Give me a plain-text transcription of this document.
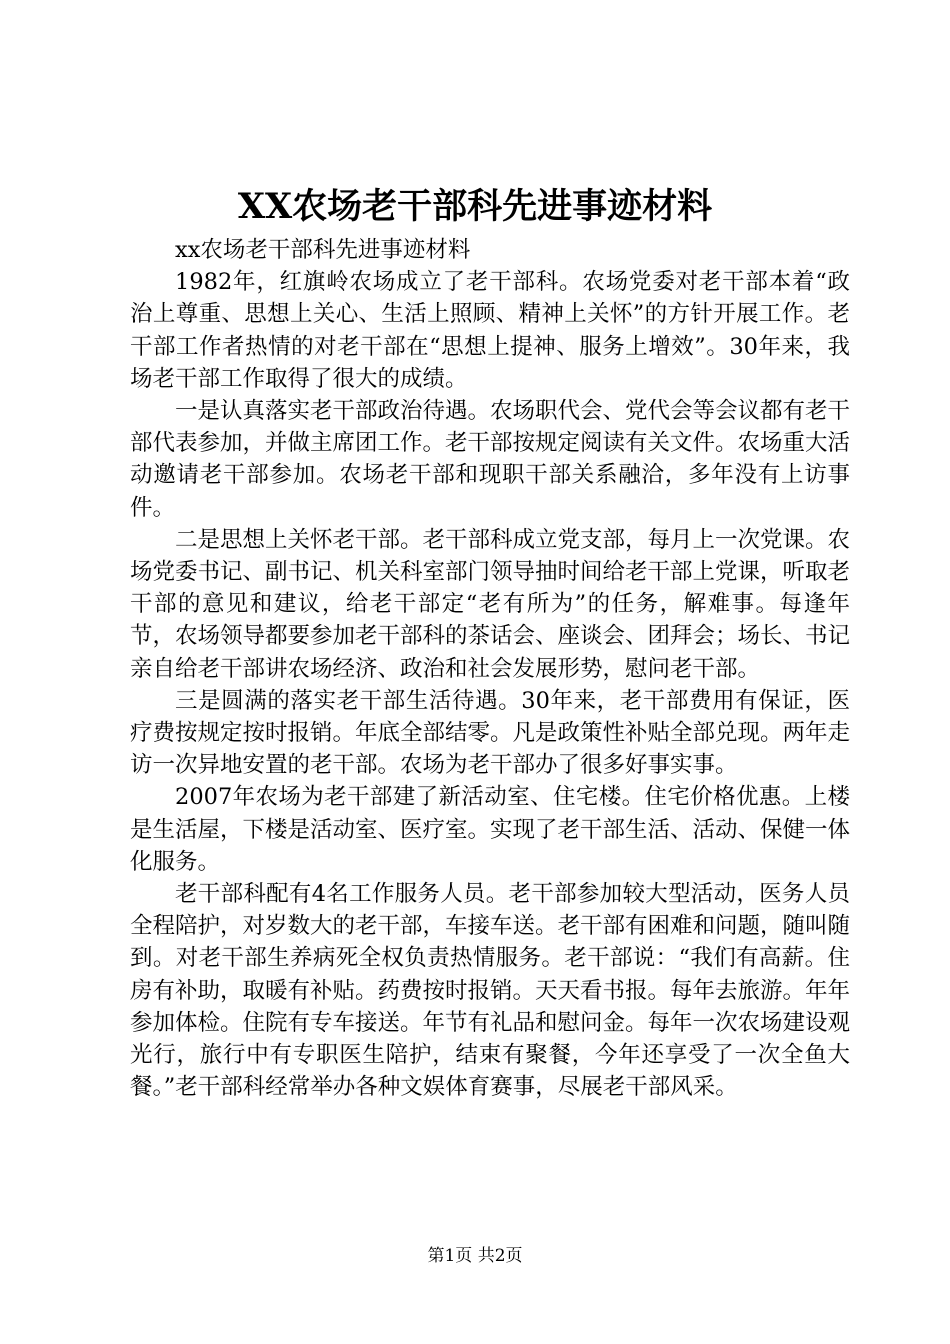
XX农场老干部科先进事迹材料

xx农场老干部科先进事迹材料

1982年，红旗岭农场成立了老干部科。农场党委对老干部本着“政治上尊重、思想上关心、生活上照顾、精神上关怀”的方针开展工作。老干部工作者热情的对老干部在“思想上提神、服务上增效”。30年来，我场老干部工作取得了很大的成绩。

一是认真落实老干部政治待遇。农场职代会、党代会等会议都有老干部代表参加，并做主席团工作。老干部按规定阅读有关文件。农场重大活动邀请老干部参加。农场老干部和现职干部关系融洽，多年没有上访事件。

二是思想上关怀老干部。老干部科成立党支部，每月上一次党课。农场党委书记、副书记、机关科室部门领导抽时间给老干部上党课，听取老干部的意见和建议，给老干部定“老有所为”的任务，解难事。每逢年节，农场领导都要参加老干部科的茶话会、座谈会、团拜会；场长、书记亲自给老干部讲农场经济、政治和社会发展形势，慰问老干部。

三是圆满的落实老干部生活待遇。30年来，老干部费用有保证，医疗费按规定按时报销。年底全部结零。凡是政策性补贴全部兑现。两年走访一次异地安置的老干部。农场为老干部办了很多好事实事。

2007年农场为老干部建了新活动室、住宅楼。住宅价格优惠。上楼是生活屋，下楼是活动室、医疗室。实现了老干部生活、活动、保健一体化服务。

老干部科配有4名工作服务人员。老干部参加较大型活动，医务人员全程陪护，对岁数大的老干部，车接车送。老干部有困难和问题，随叫随到。对老干部生养病死全权负责热情服务。老干部说：“我们有高薪。住房有补助，取暖有补贴。药费按时报销。天天看书报。每年去旅游。年年参加体检。住院有专车接送。年节有礼品和慰问金。每年一次农场建设观光行，旅行中有专职医生陪护，结束有聚餐，今年还享受了一次全鱼大餐。”老干部科经常举办各种文娱体育赛事，尽展老干部风采。

第1页 共2页
